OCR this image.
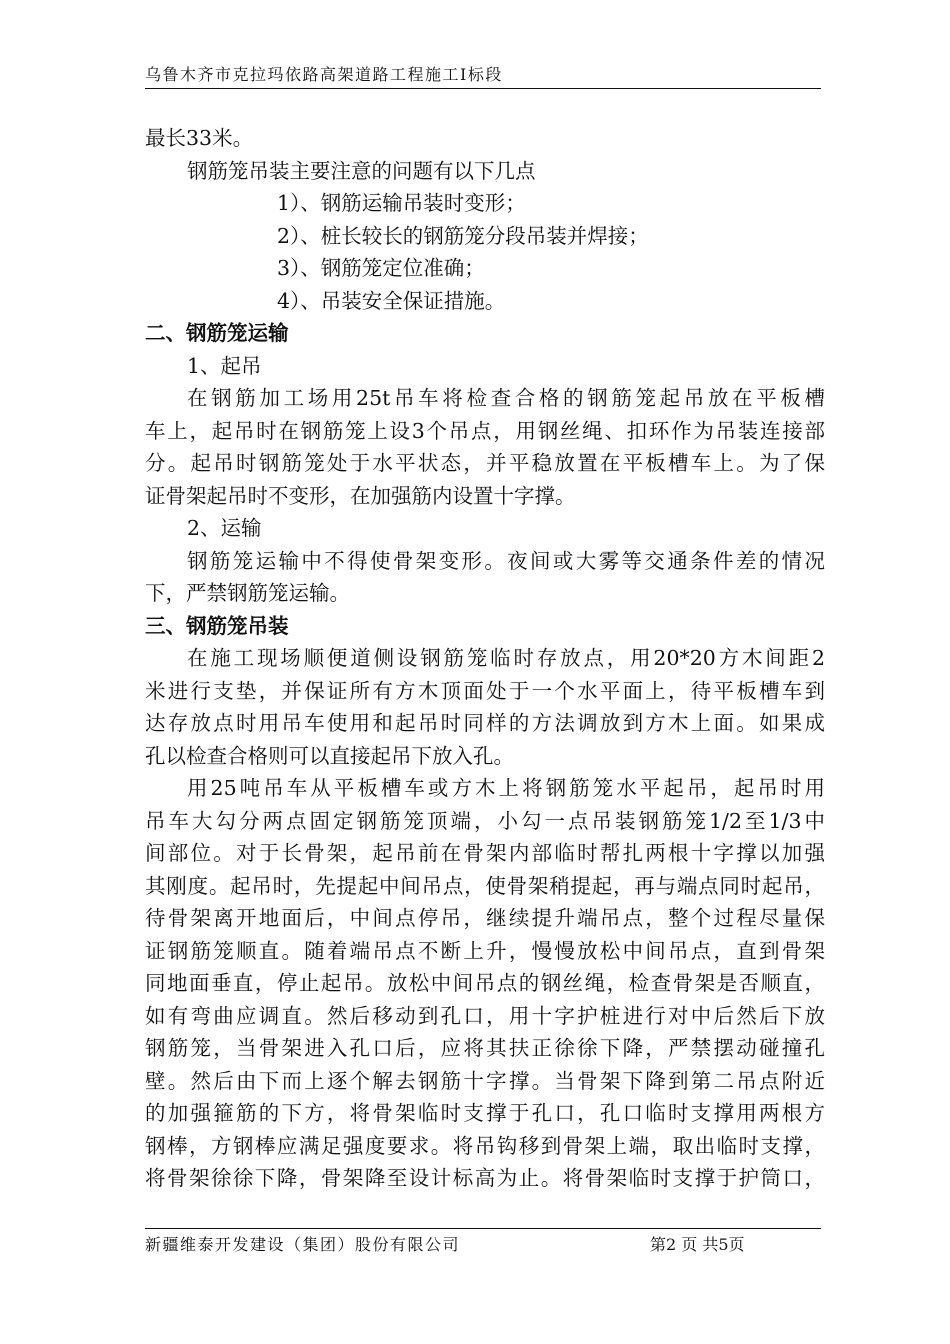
乌鲁木齐市克拉玛依路高架道路工程施工Ⅰ标段
最长33米。
钢筋笼吊装主要注意的问题有以下几点
1）、钢筋运输吊装时变形；
2）、桩长较长的钢筋笼分段吊装并焊接；
3）、钢筋笼定位准确；
4）、吊装安全保证措施。
二、钢筋笼运输
1、起吊
在钢筋加工场用25t吊车将检查合格的钢筋笼起吊放在平板槽
车上，起吊时在钢筋笼上设3个吊点，用钢丝绳、扣环作为吊装连接部
分。起吊时钢筋笼处于水平状态，并平稳放置在平板槽车上。为了保
证骨架起吊时不变形，在加强筋内设置十字撑。
2、运输
钢筋笼运输中不得使骨架变形。夜间或大雾等交通条件差的情况
下，严禁钢筋笼运输。
三、钢筋笼吊装
在施工现场顺便道侧设钢筋笼临时存放点，用20*20方木间距2
米进行支垫，并保证所有方木顶面处于一个水平面上，待平板槽车到
达存放点时用吊车使用和起吊时同样的方法调放到方木上面。如果成
孔以检查合格则可以直接起吊下放入孔。
用25吨吊车从平板槽车或方木上将钢筋笼水平起吊，起吊时用
吊车大勾分两点固定钢筋笼顶端，小勾一点吊装钢筋笼1/2至1/3中
间部位。对于长骨架，起吊前在骨架内部临时帮扎两根十字撑以加强
其刚度。起吊时，先提起中间吊点，使骨架稍提起，再与端点同时起吊，
待骨架离开地面后，中间点停吊，继续提升端吊点，整个过程尽量保
证钢筋笼顺直。随着端吊点不断上升，慢慢放松中间吊点，直到骨架
同地面垂直，停止起吊。放松中间吊点的钢丝绳，检查骨架是否顺直，
如有弯曲应调直。然后移动到孔口，用十字护桩进行对中后然后下放
钢筋笼，当骨架进入孔口后，应将其扶正徐徐下降，严禁摆动碰撞孔
壁。然后由下而上逐个解去钢筋十字撑。当骨架下降到第二吊点附近
的加强箍筋的下方，将骨架临时支撑于孔口，孔口临时支撑用两根方
钢棒，方钢棒应满足强度要求。将吊钩移到骨架上端，取出临时支撑，
将骨架徐徐下降，骨架降至设计标高为止。将骨架临时支撑于护筒口，
新疆维泰开发建设（集团）股份有限公司	第2 页 共5页
